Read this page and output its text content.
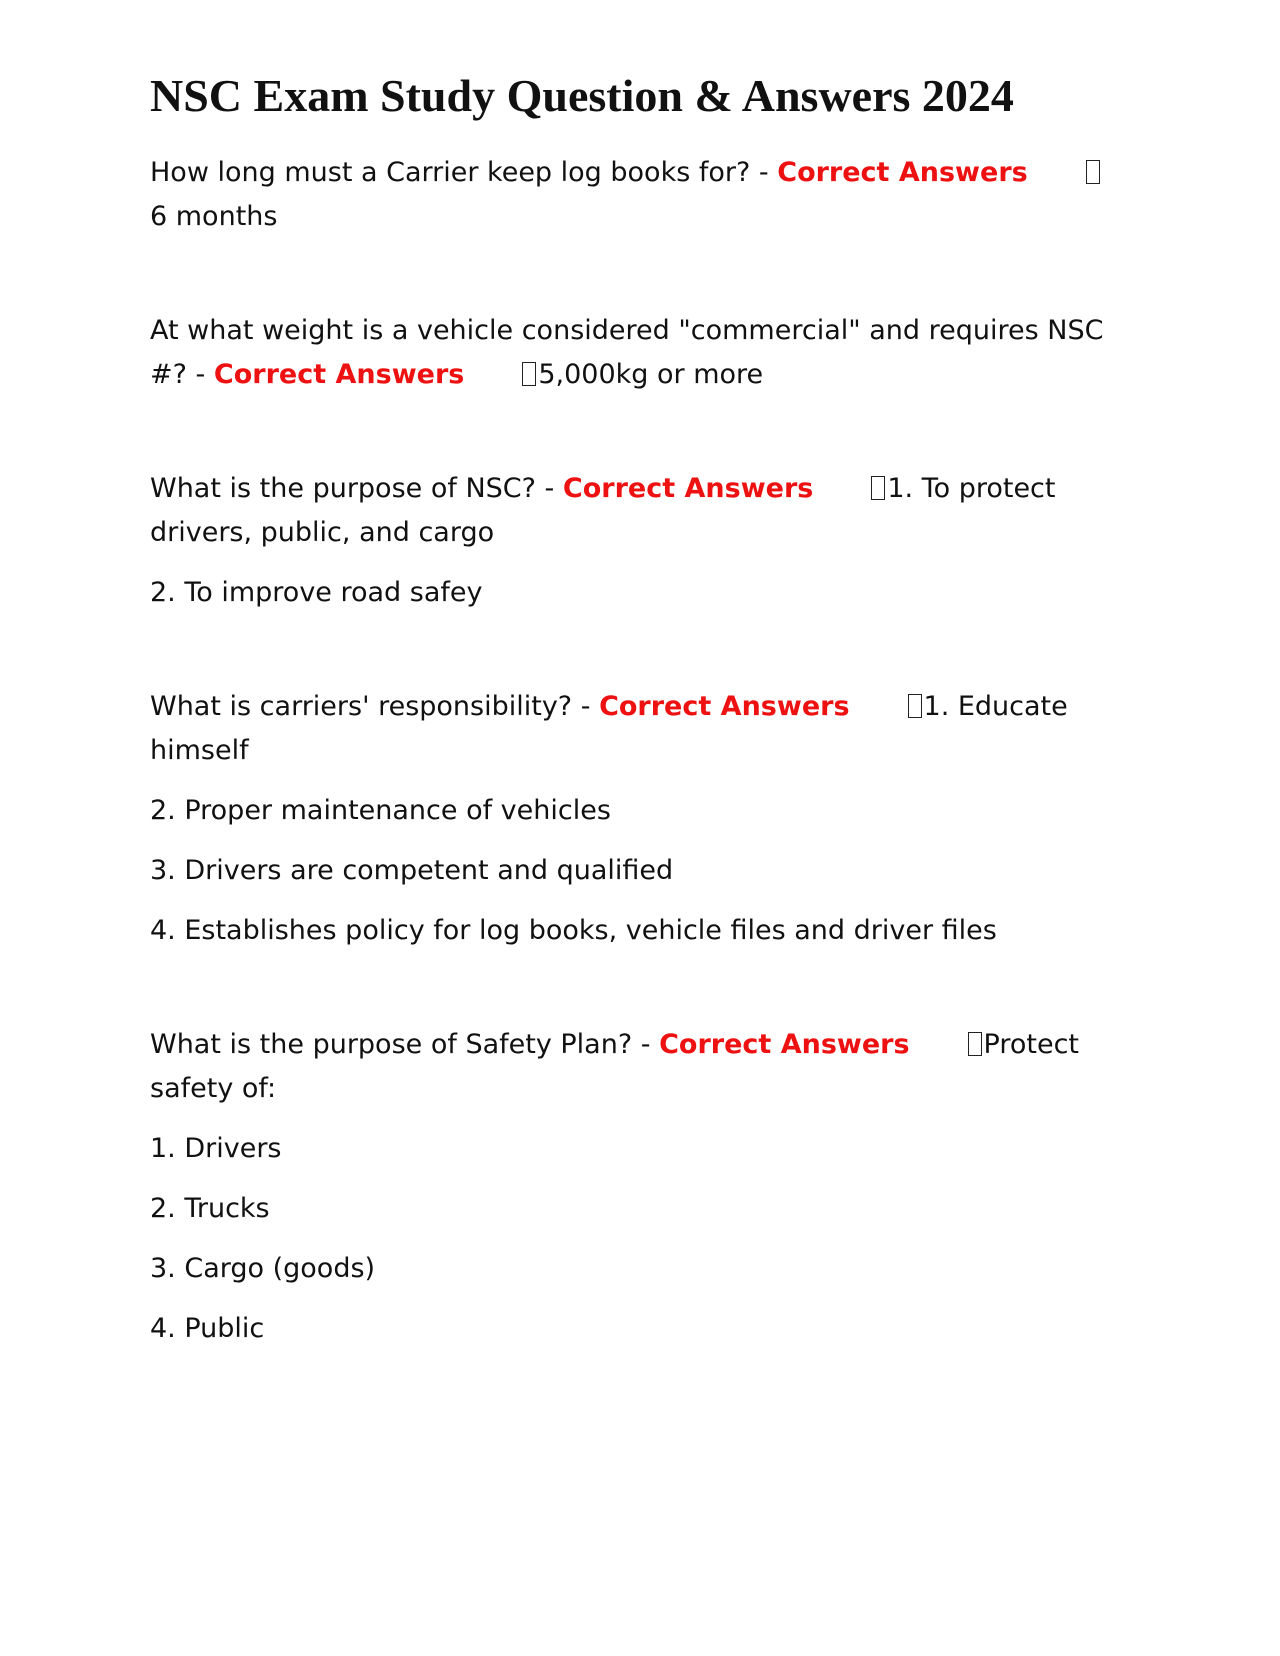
NSC Exam Study Question & Answers 2024

How long must a Carrier keep log books for? - Correct Answers6 months

At what weight is a vehicle considered "commercial" and requires NSC #? - Correct Answers	5,000kg or more

What is the purpose of NSC? - Correct Answers	1. To protect drivers, public, and cargo

2. To improve road safey

What is carriers' responsibility? - Correct Answers	1. Educate himself

2. Proper maintenance of vehicles

3. Drivers are competent and qualified

4. Establishes policy for log books, vehicle files and driver files

What is the purpose of Safety Plan? - Correct Answers	Protect safety of:

1. Drivers

2. Trucks

3. Cargo (goods)

4. Public
